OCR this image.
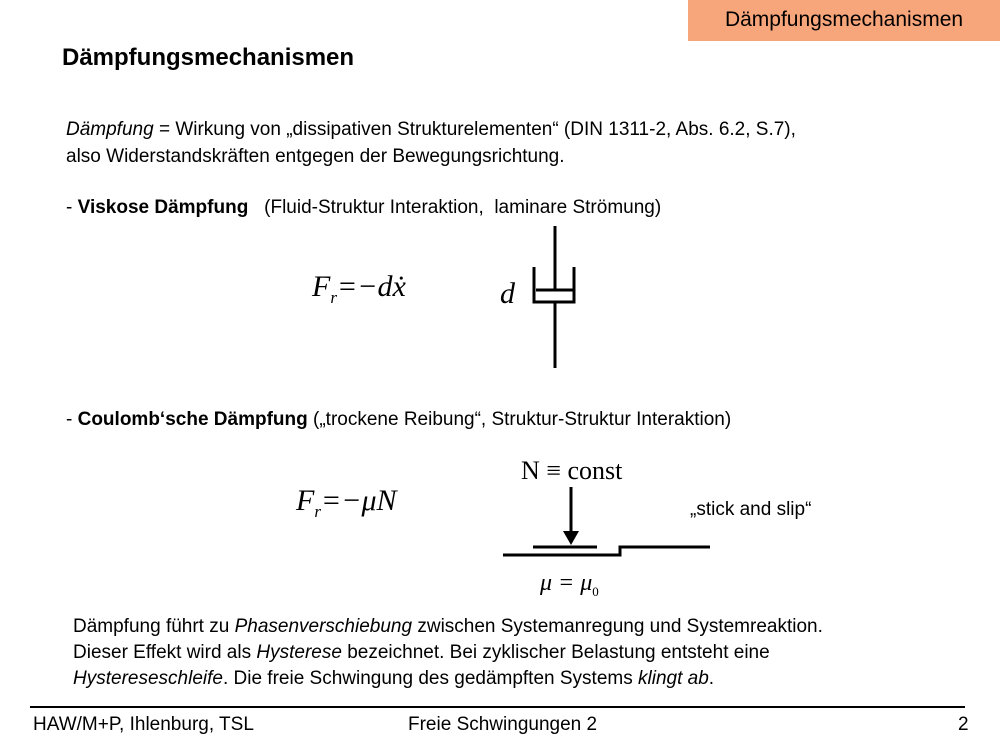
Dämpfungsmechanismen
Dämpfungsmechanismen
Dämpfung = Wirkung von „dissipativen Strukturelementen“ (DIN 1311-2, Abs. 6.2, S.7),
also Widerstandskräften entgegen der Bewegungsrichtung.
- Viskose Dämpfung   (Fluid-Struktur Interaktion,  laminare Strömung)
$F_r=-dẋ$	d
- Coulomb‘sche Dämpfung („trockene Reibung“, Struktur-Struktur Interaktion)
N ≡ const
$F_r=-\mu N$	„stick and slip“
$\mu = \mu_0$
Dämpfung führt zu Phasenverschiebung zwischen Systemanregung und Systemreaktion.
Dieser Effekt wird als Hysterese bezeichnet. Bei zyklischer Belastung entsteht eine
Hystereseschleife. Die freie Schwingung des gedämpften Systems klingt ab.
HAW/M+P, Ihlenburg, TSL	Freie Schwingungen 2	2
